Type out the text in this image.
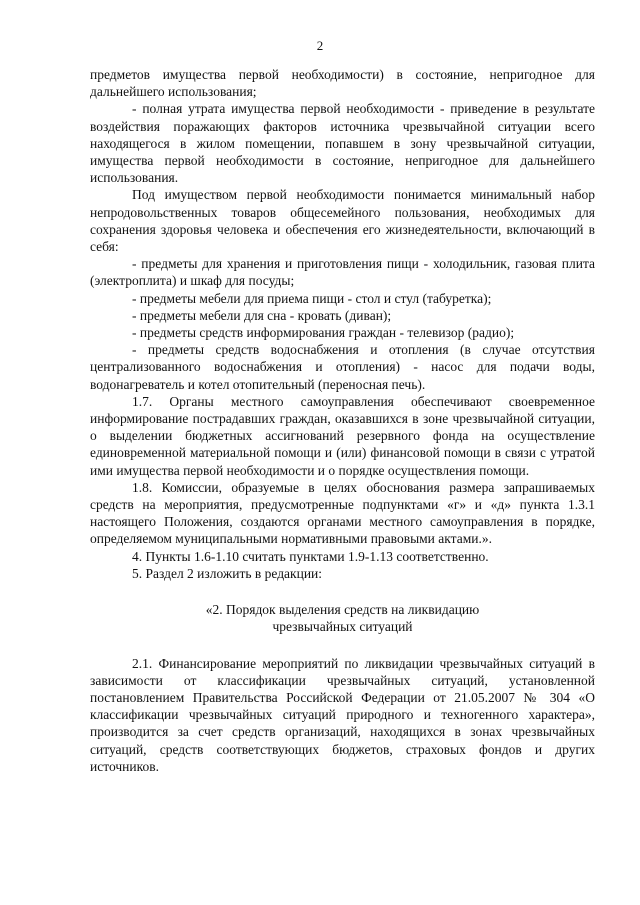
2

предметов имущества первой необходимости) в состояние, непригодное для дальнейшего использования;

- полная утрата имущества первой необходимости - приведение в результате воздействия поражающих факторов источника чрезвычайной ситуации всего находящегося в жилом помещении, попавшем в зону чрезвычайной ситуации, имущества первой необходимости в состояние, непригодное для дальнейшего использования.

Под имуществом первой необходимости понимается минимальный набор непродовольственных товаров общесемейного пользования, необходимых для сохранения здоровья человека и обеспечения его жизнедеятельности, включающий в себя:

- предметы для хранения и приготовления пищи - холодильник, газовая плита (электроплита) и шкаф для посуды;

- предметы мебели для приема пищи - стол и стул (табуретка);

- предметы мебели для сна - кровать (диван);

- предметы средств информирования граждан - телевизор (радио);

- предметы средств водоснабжения и отопления (в случае отсутствия централизованного водоснабжения и отопления) - насос для подачи воды, водонагреватель и котел отопительный (переносная печь).

1.7. Органы местного самоуправления обеспечивают своевременное информирование пострадавших граждан, оказавшихся в зоне чрезвычайной ситуации, о выделении бюджетных ассигнований резервного фонда на осуществление единовременной материальной помощи и (или) финансовой помощи в связи с утратой ими имущества первой необходимости и о порядке осуществления помощи.

1.8. Комиссии, образуемые в целях обоснования размера запрашиваемых средств на мероприятия, предусмотренные подпунктами «г» и «д» пункта 1.3.1 настоящего Положения, создаются органами местного самоуправления в порядке, определяемом муниципальными нормативными правовыми актами.».

4. Пункты 1.6-1.10 считать пунктами 1.9-1.13 соответственно.

5. Раздел 2 изложить в редакции:

«2. Порядок выделения средств на ликвидацию

чрезвычайных ситуаций

2.1. Финансирование мероприятий по ликвидации чрезвычайных ситуаций в зависимости от классификации чрезвычайных ситуаций, установленной постановлением Правительства Российской Федерации от 21.05.2007 № 304 «О классификации чрезвычайных ситуаций природного и техногенного характера», производится за счет средств организаций, находящихся в зонах чрезвычайных ситуаций, средств соответствующих бюджетов, страховых фондов и других источников.
